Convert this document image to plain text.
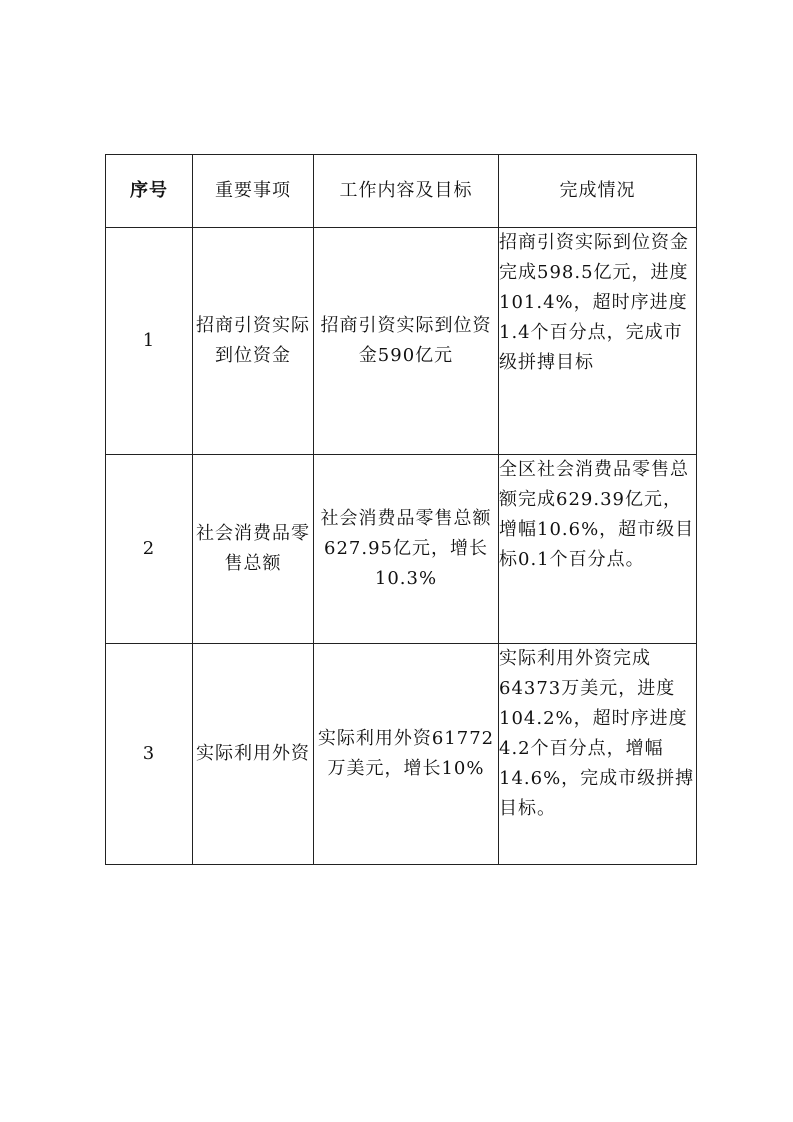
序号	重要事项	工作内容及目标	完成情况
1	招商引资实际到位资金	招商引资实际到位资金590亿元	招商引资实际到位资金完成598.5亿元，进度101.4%，超时序进度1.4个百分点，完成市级拼搏目标
2	社会消费品零售总额	社会消费品零售总额627.95亿元，增长10.3%	全区社会消费品零售总额完成629.39亿元，增幅10.6%，超市级目标0.1个百分点。
3	实际利用外资	实际利用外资61772万美元，增长10%	实际利用外资完成64373万美元，进度104.2%，超时序进度4.2个百分点，增幅14.6%，完成市级拼搏目标。
